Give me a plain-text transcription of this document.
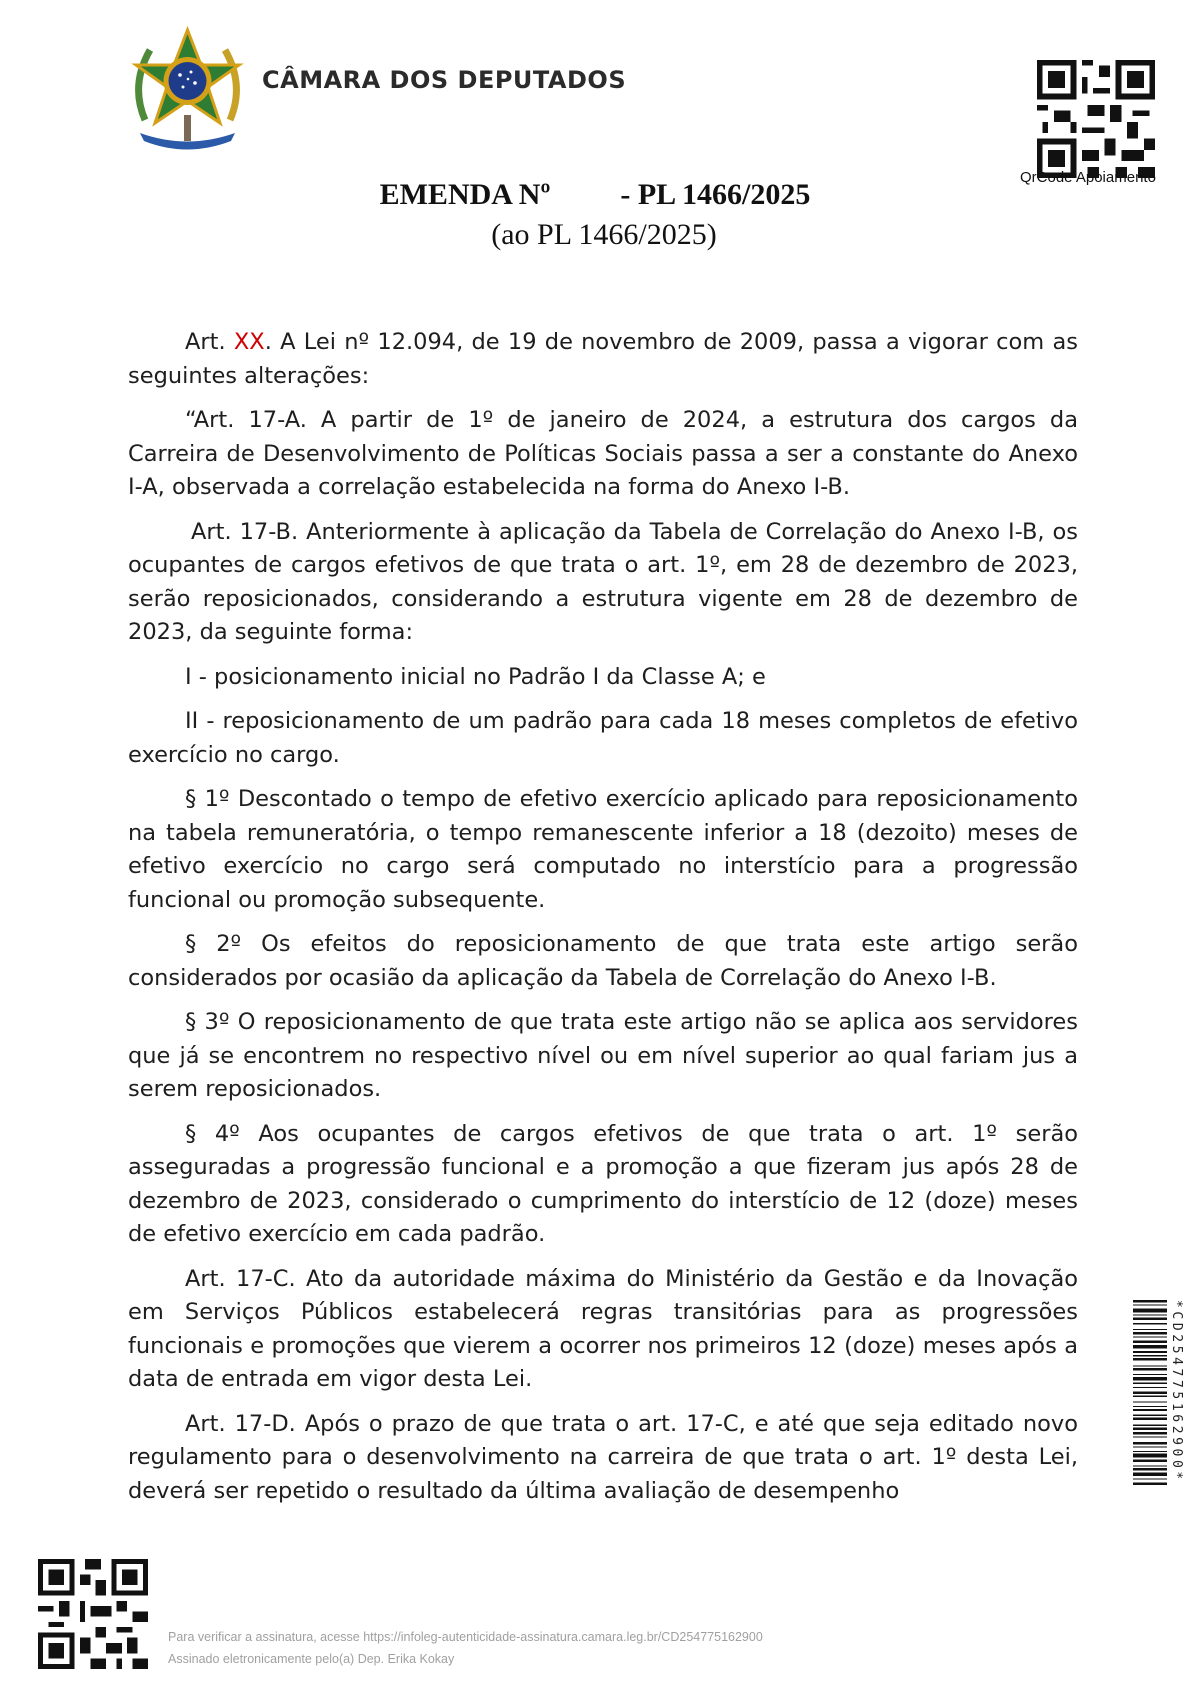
CÂMARA DOS DEPUTADOS
QrCode Apoiamento
EMENDA Nº - PL 1466/2025
(ao PL 1466/2025)

Art. XX. A Lei nº 12.094, de 19 de novembro de 2009, passa a vigorar com as seguintes alterações:

“Art. 17-A. A partir de 1º de janeiro de 2024, a estrutura dos cargos da Carreira de Desenvolvimento de Políticas Sociais passa a ser a constante do Anexo I-A, observada a correlação estabelecida na forma do Anexo I-B.

Art. 17-B. Anteriormente à aplicação da Tabela de Correlação do Anexo I-B, os ocupantes de cargos efetivos de que trata o art. 1º, em 28 de dezembro de 2023, serão reposicionados, considerando a estrutura vigente em 28 de dezembro de 2023, da seguinte forma:

I - posicionamento inicial no Padrão I da Classe A; e

II - reposicionamento de um padrão para cada 18 meses completos de efetivo exercício no cargo.

§ 1º Descontado o tempo de efetivo exercício aplicado para reposicionamento na tabela remuneratória, o tempo remanescente inferior a 18 (dezoito) meses de efetivo exercício no cargo será computado no interstício para a progressão funcional ou promoção subsequente.

§ 2º Os efeitos do reposicionamento de que trata este artigo serão considerados por ocasião da aplicação da Tabela de Correlação do Anexo I-B.

§ 3º O reposicionamento de que trata este artigo não se aplica aos servidores que já se encontrem no respectivo nível ou em nível superior ao qual fariam jus a serem reposicionados.

§ 4º Aos ocupantes de cargos efetivos de que trata o art. 1º serão asseguradas a progressão funcional e a promoção a que fizeram jus após 28 de dezembro de 2023, considerado o cumprimento do interstício de 12 (doze) meses de efetivo exercício em cada padrão.

Art. 17-C. Ato da autoridade máxima do Ministério da Gestão e da Inovação em Serviços Públicos estabelecerá regras transitórias para as progressões funcionais e promoções que vierem a ocorrer nos primeiros 12 (doze) meses após a data de entrada em vigor desta Lei.

Art. 17-D. Após o prazo de que trata o art. 17-C, e até que seja editado novo regulamento para o desenvolvimento na carreira de que trata o art. 1º desta Lei, deverá ser repetido o resultado da última avaliação de desempenho

*CD254775162900*
Para verificar a assinatura, acesse https://infoleg-autenticidade-assinatura.camara.leg.br/CD254775162900
Assinado eletronicamente pelo(a) Dep. Erika Kokay
